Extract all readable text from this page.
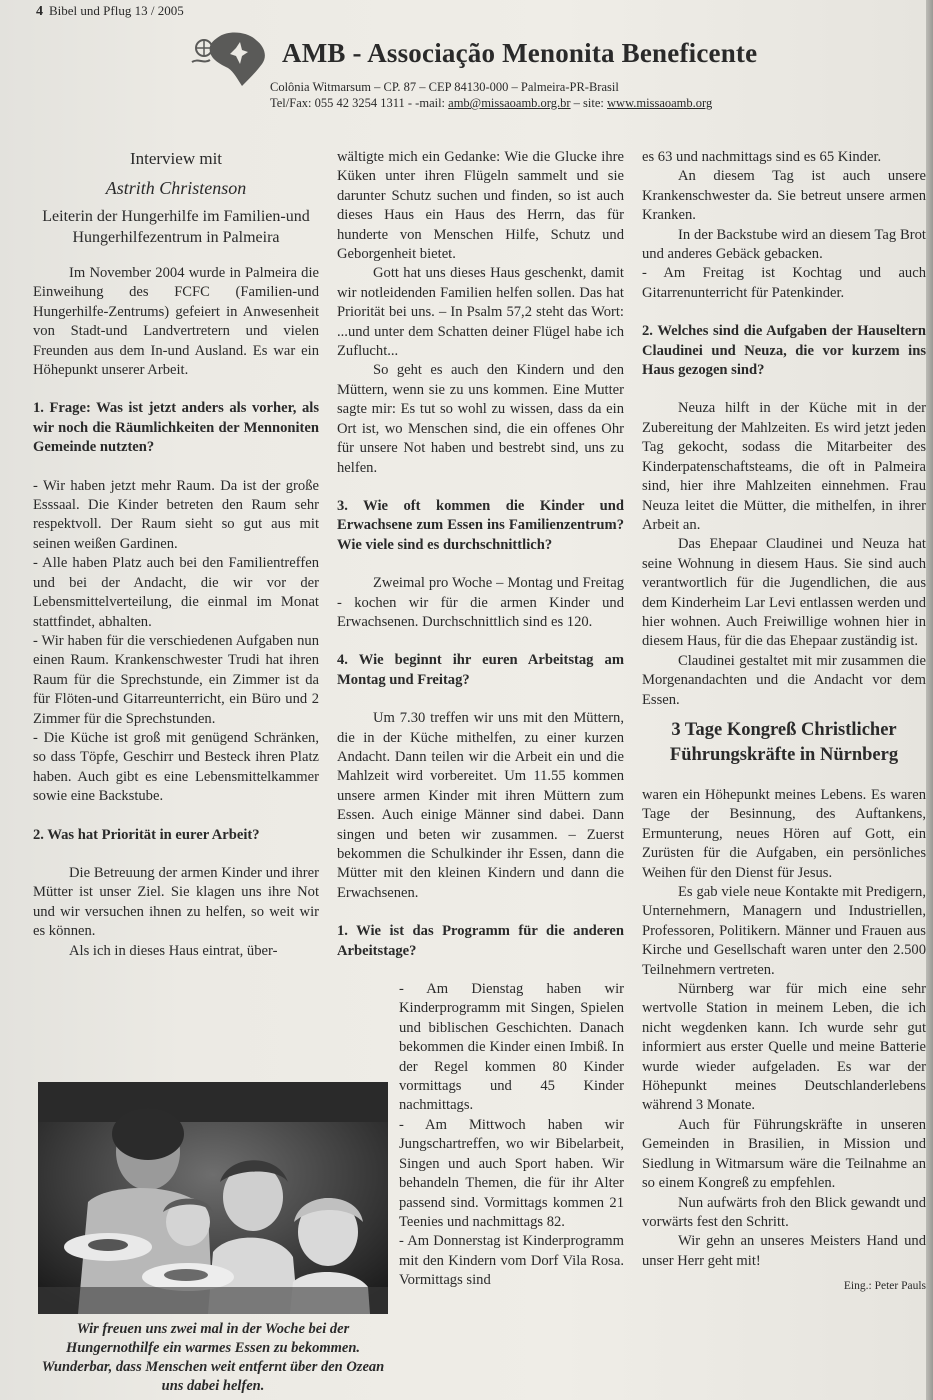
4 Bibel und Pflug 13 / 2005
AMB - Associação Menonita Beneficente
Colônia Witmarsum – CP. 87 – CEP 84130-000 – Palmeira-PR-Brasil
Tel/Fax: 055 42 3254 1311 - -mail: amb@missaoamb.org.br – site: www.missaoamb.org
Interview mit
Astrith Christenson
Leiterin der Hungerhilfe im Familien-und Hungerhilfezentrum in Palmeira

Im November 2004 wurde in Palmeira die Einweihung des FCFC (Familien-und Hungerhilfe-Zentrums) gefeiert in Anwesenheit von Stadt-und Landvertretern und vielen Freunden aus dem In-und Ausland. Es war ein Höhepunkt unserer Arbeit.

1. Frage: Was ist jetzt anders als vorher, als wir noch die Räumlichkeiten der Mennoniten Gemeinde nutzten?

- Wir haben jetzt mehr Raum. Da ist der große Esssaal. Die Kinder betreten den Raum sehr respektvoll. Der Raum sieht so gut aus mit seinen weißen Gardinen.

- Alle haben Platz auch bei den Familientreffen und bei der Andacht, die wir vor der Lebensmittelverteilung, die einmal im Monat stattfindet, abhalten.

- Wir haben für die verschiedenen Aufgaben nun einen Raum. Krankenschwester Trudi hat ihren Raum für die Sprechstunde, ein Zimmer ist da für Flöten-und Gitarreunterricht, ein Büro und 2 Zimmer für die Sprechstunden.

- Die Küche ist groß mit genügend Schränken, so dass Töpfe, Geschirr und Besteck ihren Platz haben. Auch gibt es eine Lebensmittelkammer sowie eine Backstube.

2. Was hat Priorität in eurer Arbeit?

Die Betreuung der armen Kinder und ihrer Mütter ist unser Ziel. Sie klagen uns ihre Not und wir versuchen ihnen zu helfen, so weit wir es können.

Als ich in dieses Haus eintrat, über-

wältigte mich ein Gedanke: Wie die Glucke ihre Küken unter ihren Flügeln sammelt und sie darunter Schutz suchen und finden, so ist auch dieses Haus ein Haus des Herrn, das für hunderte von Menschen Hilfe, Schutz und Geborgenheit bietet.

Gott hat uns dieses Haus geschenkt, damit wir notleidenden Familien helfen sollen. Das hat Priorität bei uns. – In Psalm 57,2 steht das Wort: ...und unter dem Schatten deiner Flügel habe ich Zuflucht...

So geht es auch den Kindern und den Müttern, wenn sie zu uns kommen. Eine Mutter sagte mir: Es tut so wohl zu wissen, dass da ein Ort ist, wo Menschen sind, die ein offenes Ohr für unsere Not haben und bestrebt sind, uns zu helfen.

3. Wie oft kommen die Kinder und Erwachsene zum Essen ins Familienzentrum? Wie viele sind es durchschnittlich?

Zweimal pro Woche – Montag und Freitag - kochen wir für die armen Kinder und Erwachsenen. Durchschnittlich sind es 120.

4. Wie beginnt ihr euren Arbeitstag am Montag und Freitag?

Um 7.30 treffen wir uns mit den Müttern, die in der Küche mithelfen, zu einer kurzen Andacht. Dann teilen wir die Arbeit ein und die Mahlzeit wird vorbereitet. Um 11.55 kommen unsere armen Kinder mit ihren Müttern zum Essen. Auch einige Männer sind dabei. Dann singen und beten wir zusammen. – Zuerst bekommen die Schulkinder ihr Essen, dann die Mütter mit den kleinen Kindern und dann die Erwachsenen.

1. Wie ist das Programm für die anderen Arbeitstage?

- Am Dienstag haben wir Kinderprogramm mit Singen, Spielen und biblischen Geschichten. Danach bekommen die Kinder einen Imbiß. In der Regel kommen 80 Kinder vormittags und 45 Kinder nachmittags.

- Am Mittwoch haben wir Jungschartreffen, wo wir Bibelarbeit, Singen und auch Sport haben. Wir behandeln Themen, die für ihr Alter passend sind. Vormittags kommen 21 Teenies und nachmittags 82.

- Am Donnerstag ist Kinderprogramm mit den Kindern vom Dorf Vila Rosa. Vormittags sind

es 63 und nachmittags sind es 65 Kinder.

An diesem Tag ist auch unsere Krankenschwester da. Sie betreut unsere armen Kranken.

In der Backstube wird an diesem Tag Brot und anderes Gebäck gebacken.

- Am Freitag ist Kochtag und auch Gitarrenunterricht für Patenkinder.

2. Welches sind die Aufgaben der Hauseltern Claudinei und Neuza, die vor kurzem ins Haus gezogen sind?

Neuza hilft in der Küche mit in der Zubereitung der Mahlzeiten. Es wird jetzt jeden Tag gekocht, sodass die Mitarbeiter des Kinderpatenschaftsteams, die oft in Palmeira sind, hier ihre Mahlzeiten einnehmen. Frau Neuza leitet die Mütter, die mithelfen, in ihrer Arbeit an.

Das Ehepaar Claudinei und Neuza hat seine Wohnung in diesem Haus. Sie sind auch verantwortlich für die Jugendlichen, die aus dem Kinderheim Lar Levi entlassen werden und hier wohnen. Auch Freiwillige wohnen hier in diesem Haus, für die das Ehepaar zuständig ist.

Claudinei gestaltet mit mir zusammen die Morgenandachten und die Andacht vor dem Essen.

3 Tage Kongreß Christlicher Führungskräfte in Nürnberg

waren ein Höhepunkt meines Lebens. Es waren Tage der Besinnung, des Auftankens, Ermunterung, neues Hören auf Gott, ein Zurüsten für die Aufgaben, ein persönliches Weihen für den Dienst für Jesus.

Es gab viele neue Kontakte mit Predigern, Unternehmern, Managern und Industriellen, Professoren, Politikern. Männer und Frauen aus Kirche und Gesellschaft waren unter den 2.500 Teilnehmern vertreten.

Nürnberg war für mich eine sehr wertvolle Station in meinem Leben, die ich nicht wegdenken kann. Ich wurde sehr gut informiert aus erster Quelle und meine Batterie wurde wieder aufgeladen. Es war der Höhepunkt meines Deutschlanderlebens während 3 Monate.

Auch für Führungskräfte in unseren Gemeinden in Brasilien, in Mission und Siedlung in Witmarsum wäre die Teilnahme an so einem Kongreß zu empfehlen.

Nun aufwärts froh den Blick gewandt und vorwärts fest den Schritt.

Wir gehn an unseres Meisters Hand und unser Herr geht mit!

Eing.: Peter Pauls
Wir freuen uns zwei mal in der Woche bei der Hungernothilfe ein warmes Essen zu bekommen. Wunderbar, dass Menschen weit entfernt über den Ozean uns dabei helfen.
